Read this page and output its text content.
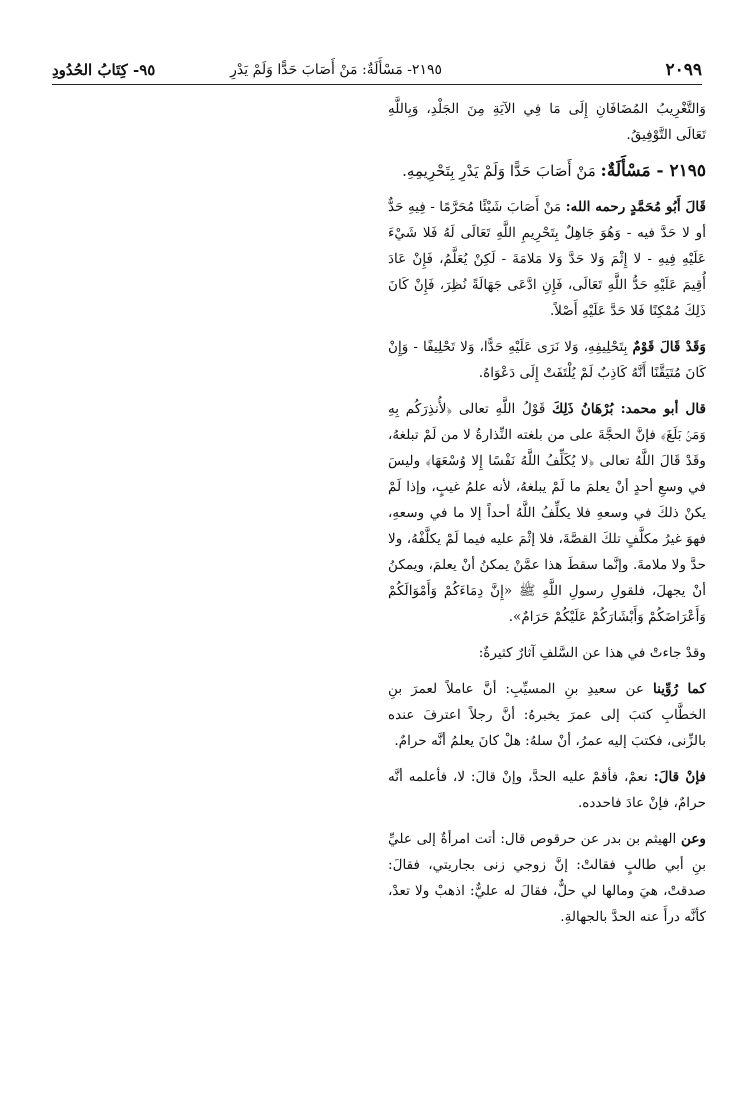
٢٠٩٩
٢١٩٥- مَسْأَلَةٌ: مَنْ أَصَابَ حَدًّا وَلَمْ يَدْرِ
٩٥- كِتَابُ الحُدُودِ

وَالتَّغْرِيبُ المُضَافَانِ إِلَى مَا فِي الآيَةِ مِنَ الجَلْدِ، وَبِاللَّهِ تَعَالَى التَّوْفِيقُ.

٢١٩٥ - مَسْأَلَةٌ: مَنْ أَصَابَ حَدًّا وَلَمْ يَدْرِ بِتَحْرِيمِهِ.

قَالَ أَبُو مُحَمَّدٍ رحمه الله: مَنْ أَصَابَ شَيْئًا مُحَرَّمًا - فِيهِ حَدٌّ أو لا حَدَّ فيه - وَهُوَ جَاهِلٌ بِتَحْرِيمِ اللَّهِ تَعَالَى لَهُ فَلا شَيْءَ عَلَيْهِ فِيهِ - لا إِثْمَ وَلا حَدَّ وَلا مَلامَةَ - لَكِنْ يُعَلَّمُ، فَإِنْ عَادَ أُقِيمَ عَلَيْهِ حَدُّ اللَّهِ تَعَالَى، فَإِنِ ادَّعَى جَهَالَةً نُظِرَ، فَإِنْ كَانَ ذَلِكَ مُمْكِنًا فَلا حَدَّ عَلَيْهِ أَصْلاً.

وَقَدْ قَالَ قَوْمٌ بِتَحْلِيفِهِ، وَلا نَرَى عَلَيْهِ حَدًّا، وَلا تَحْلِيفًا - وَإِنْ كَانَ مُتَيَقَّنًا أَنَّهُ كَاذِبٌ لَمْ يُلْتَفَتْ إِلَى دَعْوَاهُ.

قال أبو محمد: بُرْهَانُ ذَلِكَ قَوْلُ اللَّهِ تعالى ﴿لأُنذِرَكُم بِهِ وَمَنۢ بَلَغَ﴾ فإنَّ الحجَّةَ على من بلغته النِّذارةُ لا من لَمْ تبلغهُ، وقَدْ قَالَ اللَّهُ تعالى ﴿لا يُكَلِّفُ اللَّهُ نَفْسًا إِلا وُسْعَهَا﴾ وليسَ في وسعِ أحدٍ أنْ يعلمَ ما لَمْ يبلغهُ، لأنه علمُ غيبٍ، وإذا لَمْ يكنْ ذلكَ في وسعهِ فلا يكلِّفُ اللَّهُ أحداً إلا ما في وسعهِ، فهوَ غيرُ مكلَّفٍ تلكَ القصَّةَ، فلا إثْمَ عليه فيما لَمْ يكلَّفْهُ، ولا حدَّ ولا ملامةَ. وإنَّما سقطَ هذا عمَّنْ يمكنُ أنْ يعلمَ، ويمكنُ أنْ يجهلَ، فلقولِ رسولِ اللَّهِ ﷺ «إِنَّ دِمَاءَكُمْ وَأَمْوَالَكُمْ وَأَعْرَاضَكُمْ وَأَبْشَارَكُمْ عَلَيْكُمْ حَرَامٌ».

وقدْ جاءتْ في هذا عن السَّلفِ آثارٌ كثيرةٌ:

كما رُوِّينا عن سعيدِ بنِ المسيِّبِ: أنَّ عاملاً لعمرَ بنِ الخطَّابِ كتبَ إلى عمرَ يخبرهُ: أنَّ رجلاً اعترفَ عنده بالزِّنى، فكتبَ إليه عمرُ، أنْ سلهُ: هلْ كانَ يعلمُ أنَّه حرامٌ.

فإنْ قالَ: نعمْ، فأقمْ عليه الحدَّ، وإنْ قالَ: لا، فأعلمه أنَّه حرامٌ، فإنْ عادَ فاحدده.

وعن الهيثم بن بدر عن حرقوص قال: أتت امرأةٌ إلى عليِّ بنِ أبي طالبٍ فقالتْ: إنَّ زوجي زنى بجاريتي، فقالَ: صدقتْ، هيَ ومالها لي حلٌّ، فقالَ له عليٌّ: اذهبْ ولا تعدْ، كأنَّه درأَ عنه الحدَّ بالجهالةِ.
